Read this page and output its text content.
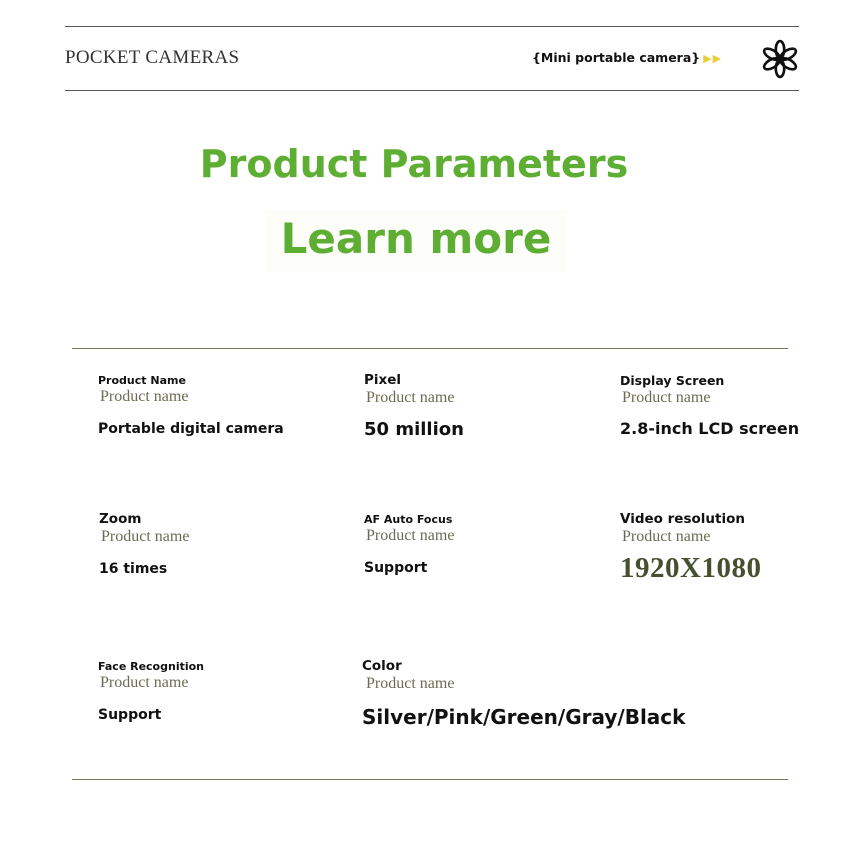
POCKET CAMERAS	{Mini portable camera} ▶▶
Product Parameters
Learn more
Product Name
Product name
Portable digital camera
Pixel
Product name
50 million
Display Screen
Product name
2.8-inch LCD screen
Zoom
Product name
16 times
AF Auto Focus
Product name
Support
Video resolution
Product name
1920X1080
Face Recognition
Product name
Support
Color
Product name
Silver/Pink/Green/Gray/Black
